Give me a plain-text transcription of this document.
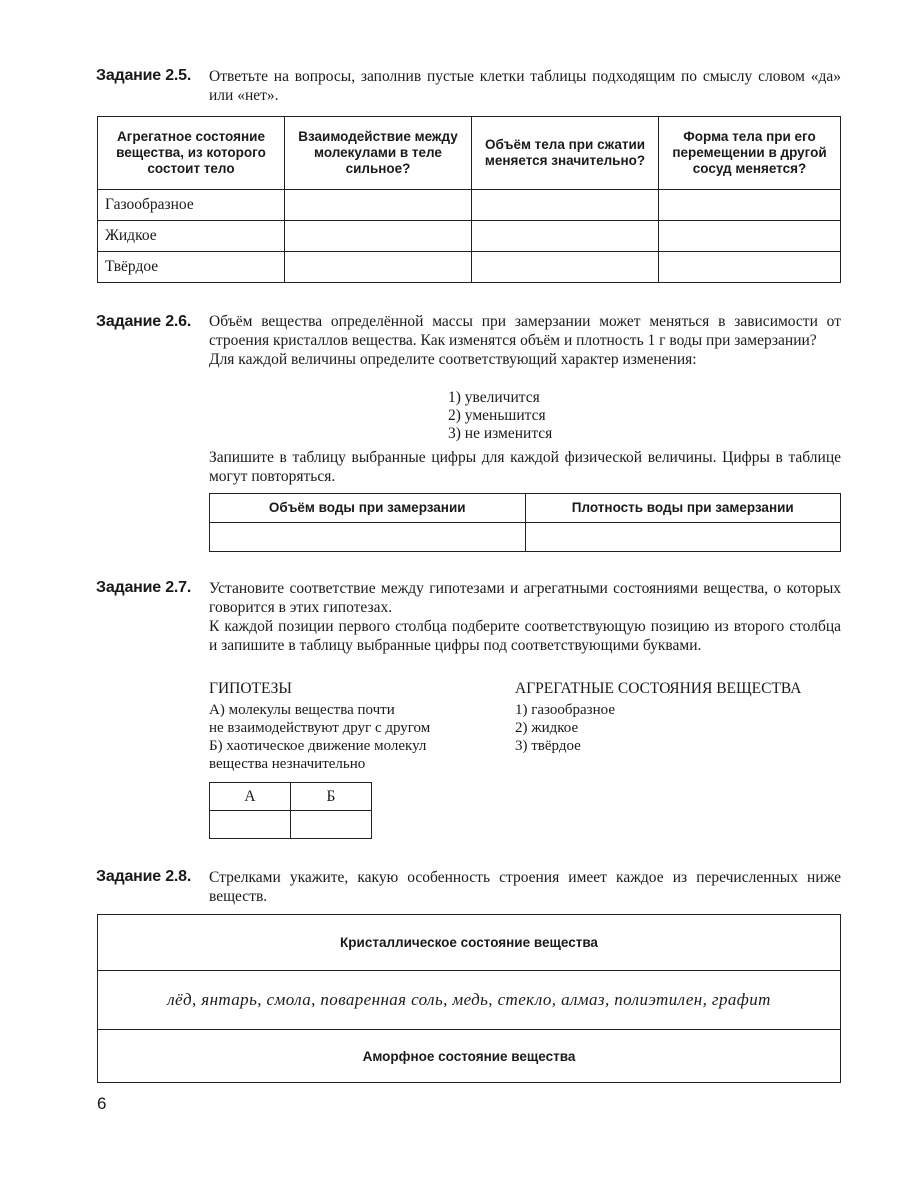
Задание 2.5. Ответьте на вопросы, заполнив пустые клетки таблицы подходящим по смыслу словом «да» или «нет».

Агрегатное состояние вещества, из которого состоит тело	Взаимодействие между молекулами в теле сильное?	Объём тела при сжатии меняется значительно?	Форма тела при его перемещении в другой сосуд меняется?
Газообразное			
Жидкое			
Твёрдое			
Задание 2.6. Объём вещества определённой массы при замерзании может меняться в зависимости от строения кристаллов вещества. Как изменятся объём и плотность 1 г воды при замерзании?

Для каждой величины определите соответствующий характер изменения:

1) увеличится
2) уменьшится
3) не изменится

Запишите в таблицу выбранные цифры для каждой физической величины. Цифры в таблице могут повторяться.

Объём воды при замерзании	Плотность воды при замерзании

Задание 2.7. Установите соответствие между гипотезами и агрегатными состояниями вещества, о которых говорится в этих гипотезах.

К каждой позиции первого столбца подберите соответствующую позицию из второго столбца и запишите в таблицу выбранные цифры под соответствующими буквами.

ГИПОТЕЗЫ
А) молекулы вещества почти
не взаимодействуют друг с другом
Б) хаотическое движение молекул
вещества незначительно
АГРЕГАТНЫЕ СОСТОЯНИЯ ВЕЩЕСТВА
1) газообразное
2) жидкое
3) твёрдое
А	Б

Задание 2.8. Стрелками укажите, какую особенность строения имеет каждое из перечисленных ниже веществ.

Кристаллическое состояние вещества
лёд, янтарь, смола, поваренная соль, медь, стекло, алмаз, полиэтилен, графит
Аморфное состояние вещества
6
